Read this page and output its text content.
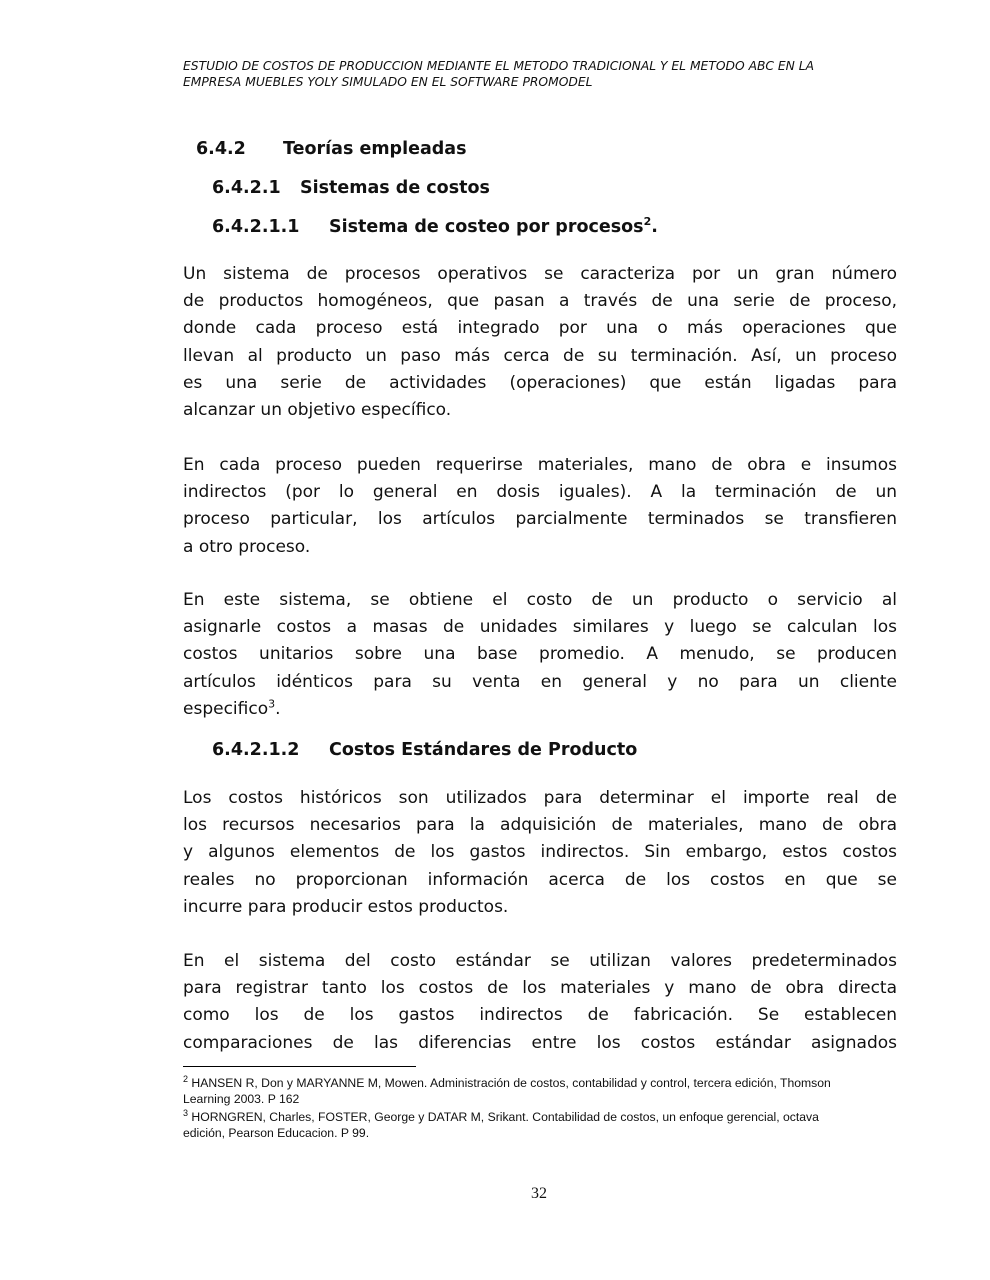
ESTUDIO DE COSTOS DE PRODUCCION MEDIANTE EL METODO TRADICIONAL Y EL METODO ABC EN LA
EMPRESA MUEBLES YOLY SIMULADO EN EL SOFTWARE PROMODEL
6.4.2 Teorías empleadas
6.4.2.1 Sistemas de costos
6.4.2.1.1 Sistema de costeo por procesos$^2$.
Un sistema de procesos operativos se caracteriza por un gran número
de productos homogéneos, que pasan a través de una serie de proceso,
donde cada proceso está integrado por una o más operaciones que
llevan al producto un paso más cerca de su terminación. Así, un proceso
es una serie de actividades (operaciones) que están ligadas para
alcanzar un objetivo específico.
En cada proceso pueden requerirse materiales, mano de obra e insumos
indirectos (por lo general en dosis iguales). A la terminación de un
proceso particular, los artículos parcialmente terminados se transfieren
a otro proceso.
En este sistema, se obtiene el costo de un producto o servicio al
asignarle costos a masas de unidades similares y luego se calculan los
costos unitarios sobre una base promedio. A menudo, se producen
artículos idénticos para su venta en general y no para un cliente
especifico$^3$.
6.4.2.1.2 Costos Estándares de Producto
Los costos históricos son utilizados para determinar el importe real de
los recursos necesarios para la adquisición de materiales, mano de obra
y algunos elementos de los gastos indirectos. Sin embargo, estos costos
reales no proporcionan información acerca de los costos en que se
incurre para producir estos productos.
En el sistema del costo estándar se utilizan valores predeterminados
para registrar tanto los costos de los materiales y mano de obra directa
como los de los gastos indirectos de fabricación. Se establecen
comparaciones de las diferencias entre los costos estándar asignados
$^2$ HANSEN R, Don y MARYANNE M, Mowen. Administración de costos, contabilidad y control, tercera edición, Thomson
Learning 2003. P 162
$^3$ HORNGREN, Charles, FOSTER, George y DATAR M, Srikant. Contabilidad de costos, un enfoque gerencial, octava
edición, Pearson Educacion. P 99.
32
